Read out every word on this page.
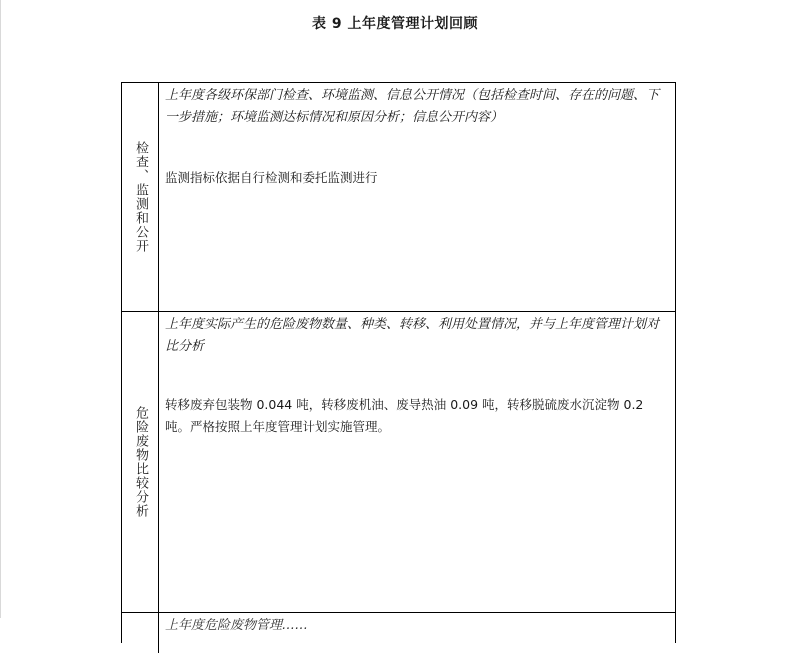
表 9 上年度管理计划回顾
检查、监测和公开
上年度各级环保部门检查、环境监测、信息公开情况（包括检查时间、存在的问题、下一步措施；环境监测达标情况和原因分析；信息公开内容）
监测指标依据自行检测和委托监测进行
危险废物比较分析
上年度实际产生的危险废物数量、种类、转移、利用处置情况，并与上年度管理计划对比分析
转移废弃包装物 0.044 吨，转移废机油、废导热油 0.09 吨，转移脱硫废水沉淀物 0.2 吨。严格按照上年度管理计划实施管理。
上年度危险废物管理……
